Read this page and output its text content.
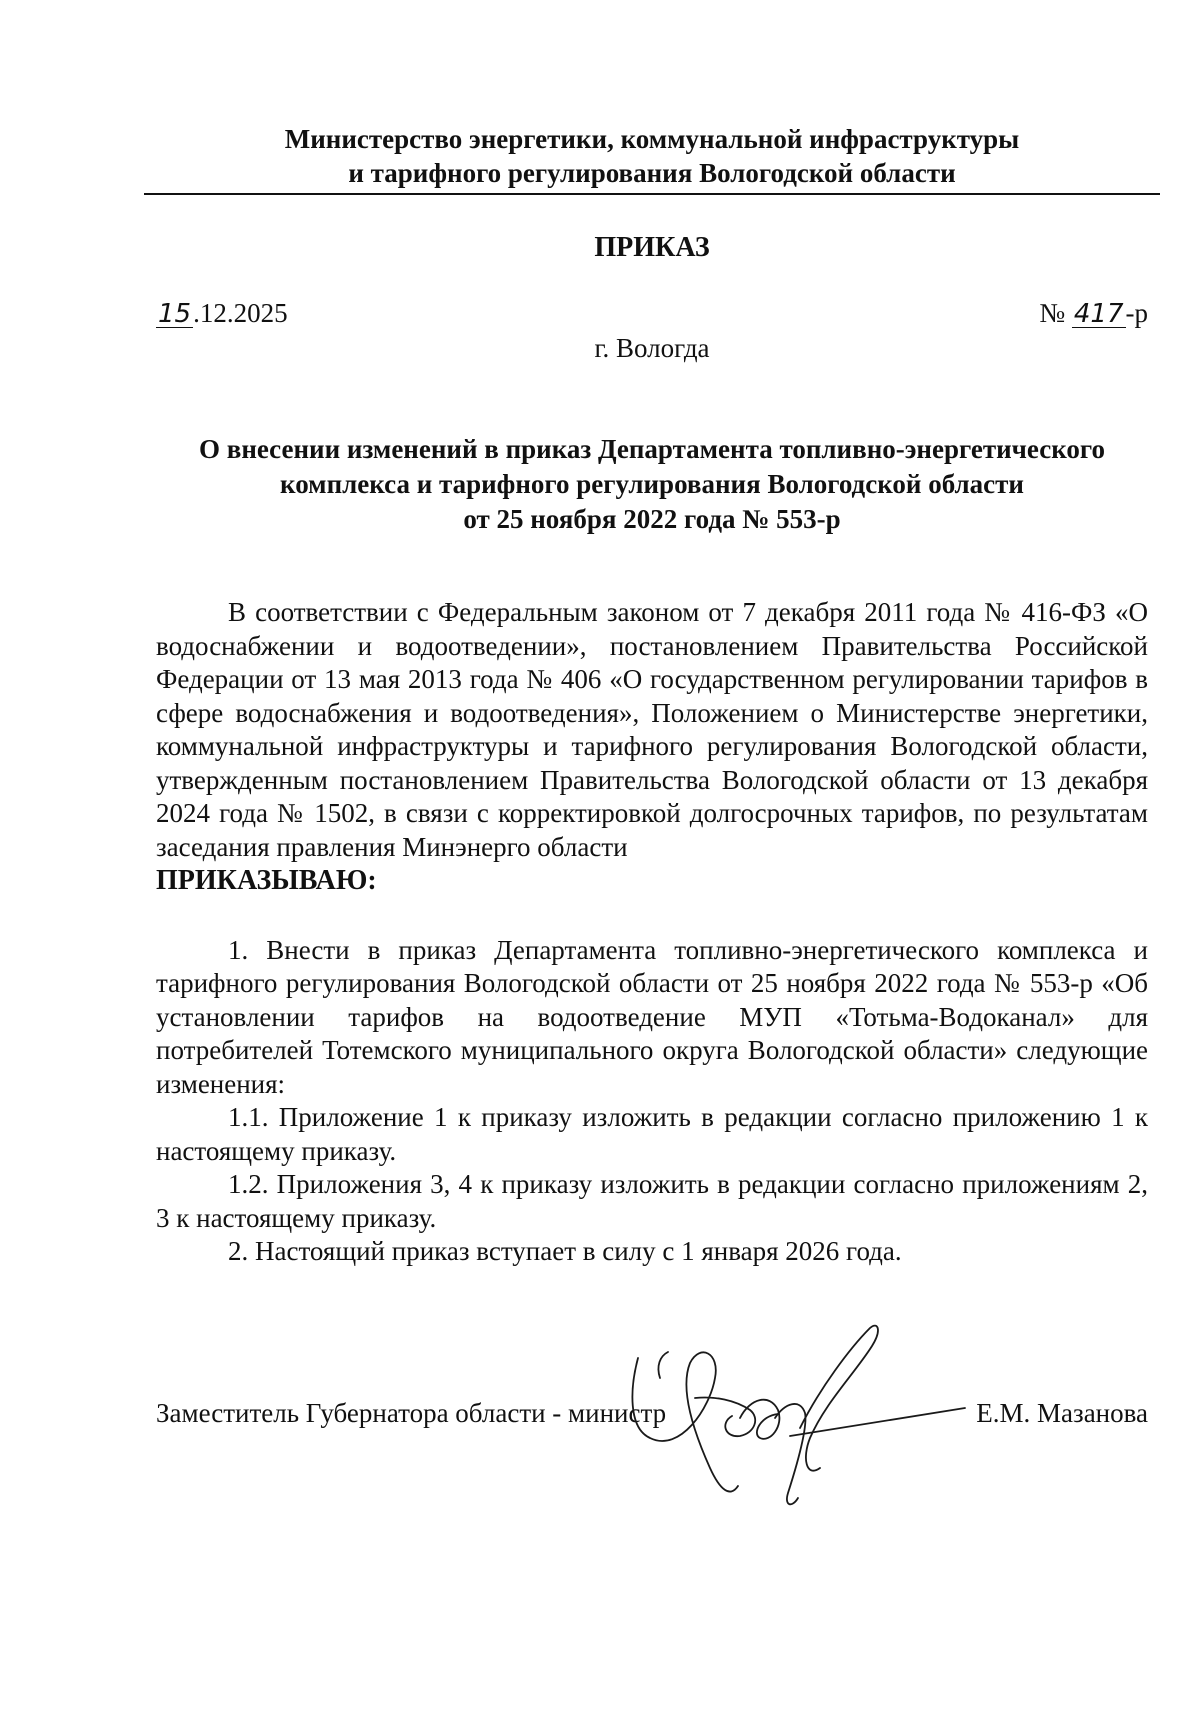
Министерство энергетики, коммунальной инфраструктуры
и тарифного регулирования Вологодской области
ПРИКАЗ
15.12.2025	№ 417-р
г. Вологда
О внесении изменений в приказ Департамента топливно-энергетического
комплекса и тарифного регулирования Вологодской области
от 25 ноября 2022 года № 553-р

В соответствии с Федеральным законом от 7 декабря 2011 года № 416-ФЗ «О водоснабжении и водоотведении», постановлением Правительства Российской Федерации от 13 мая 2013 года № 406 «О государственном регулировании тарифов в сфере водоснабжения и водоотведения», Положением о Министерстве энергетики, коммунальной инфраструктуры и тарифного регулирования Вологодской области, утвержденным постановлением Правительства Вологодской области от 13 декабря 2024 года № 1502, в связи с корректировкой долгосрочных тарифов, по результатам заседания правления Минэнерго области

ПРИКАЗЫВАЮ:

1. Внести в приказ Департамента топливно-энергетического комплекса и тарифного регулирования Вологодской области от 25 ноября 2022 года № 553-р «Об установлении тарифов на водоотведение МУП «Тотьма-Водоканал» для потребителей Тотемского муниципального округа Вологодской области» следующие изменения:

1.1. Приложение 1 к приказу изложить в редакции согласно приложению 1 к настоящему приказу.

1.2. Приложения 3, 4 к приказу изложить в редакции согласно приложениям 2, 3 к настоящему приказу.

2. Настоящий приказ вступает в силу с 1 января 2026 года.

Заместитель Губернатора области - министр	Е.М. Мазанова
